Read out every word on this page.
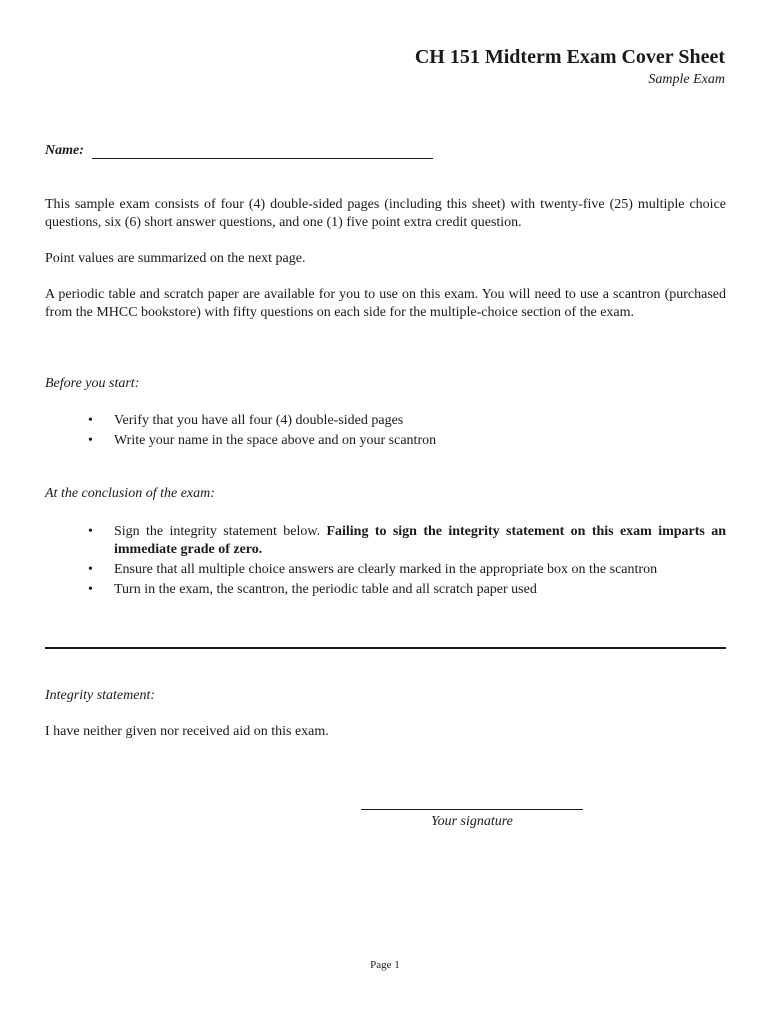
CH 151 Midterm Exam Cover Sheet
Sample Exam
Name:
This sample exam consists of four (4) double-sided pages (including this sheet) with twenty-five (25) multiple choice questions, six (6) short answer questions, and one (1) five point extra credit question.
Point values are summarized on the next page.
A periodic table and scratch paper are available for you to use on this exam. You will need to use a scantron (purchased from the MHCC bookstore) with fifty questions on each side for the multiple-choice section of the exam.
Before you start:
• Verify that you have all four (4) double-sided pages
• Write your name in the space above and on your scantron
At the conclusion of the exam:
• Sign the integrity statement below. Failing to sign the integrity statement on this exam imparts an immediate grade of zero.
• Ensure that all multiple choice answers are clearly marked in the appropriate box on the scantron
• Turn in the exam, the scantron, the periodic table and all scratch paper used
Integrity statement:
I have neither given nor received aid on this exam.
Your signature
Page 1
